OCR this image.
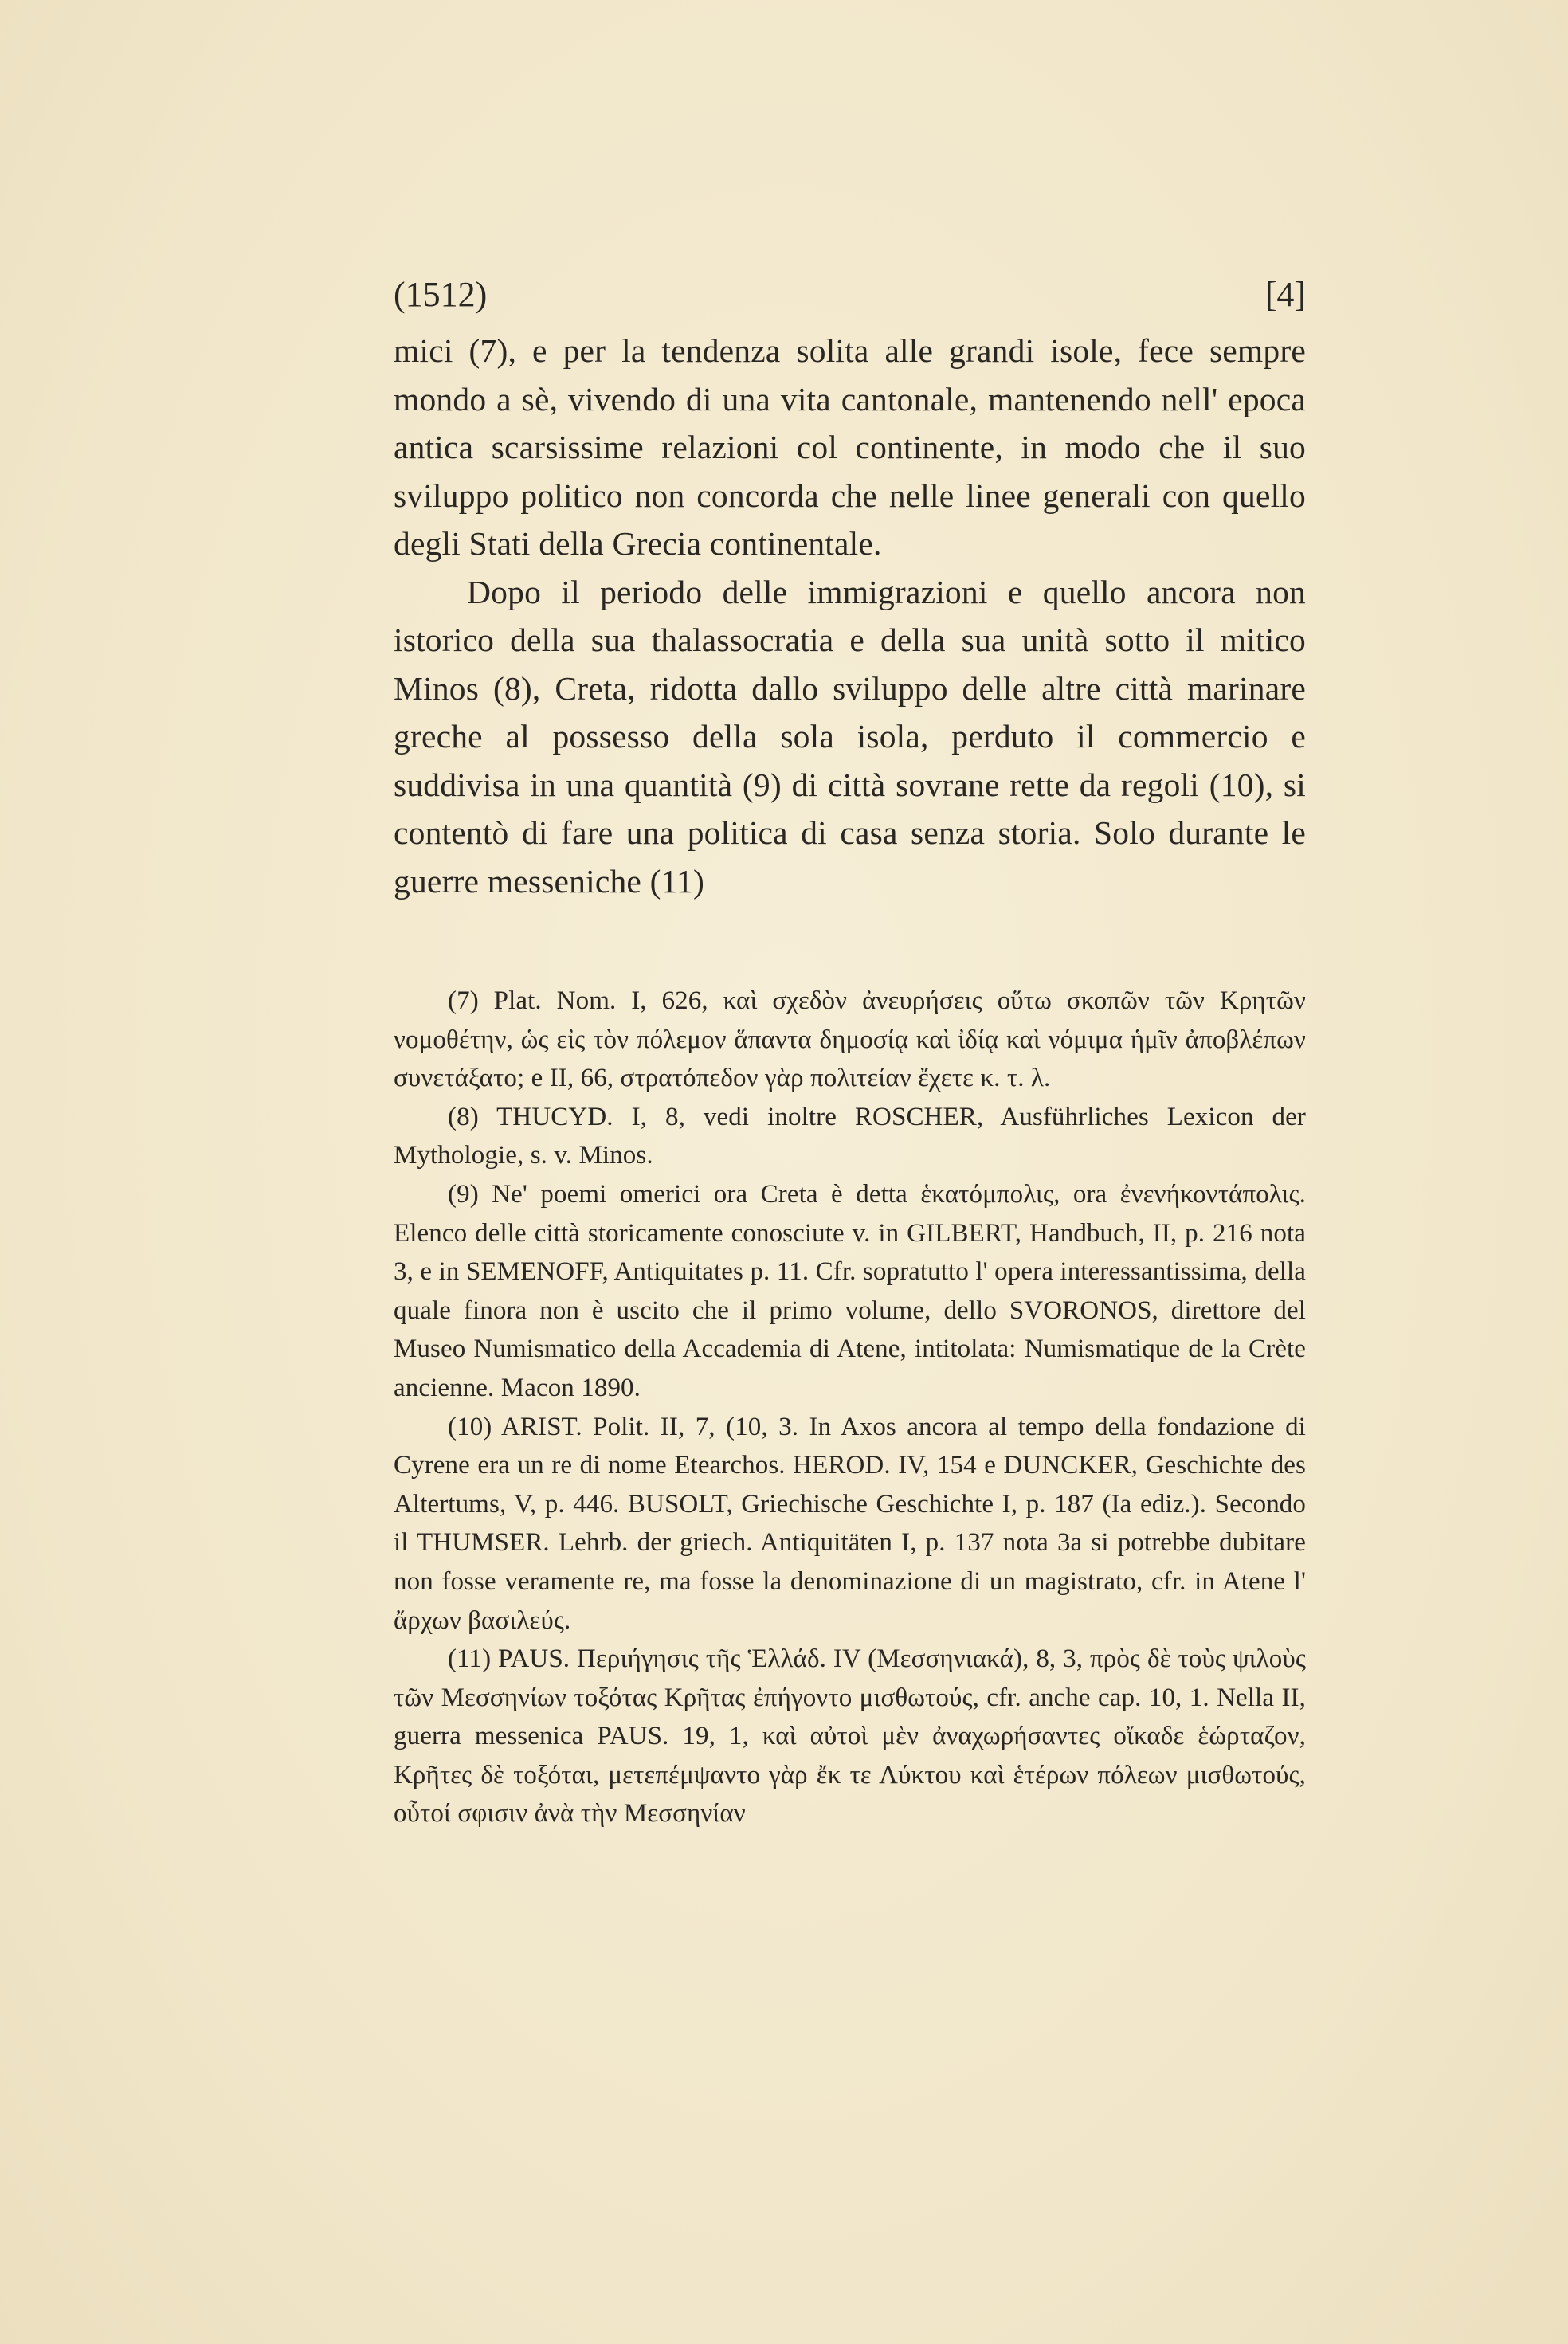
(1512)	[4]

mici (7), e per la tendenza solita alle grandi isole, fece sempre mondo a sè, vivendo di una vita cantonale, mantenendo nell' epoca antica scarsissime relazioni col continente, in modo che il suo sviluppo politico non concorda che nelle linee generali con quello degli Stati della Grecia continentale.

Dopo il periodo delle immigrazioni e quello ancora non istorico della sua thalassocratia e della sua unità sotto il mitico Minos (8), Creta, ridotta dallo sviluppo delle altre città marinare greche al possesso della sola isola, perduto il commercio e suddivisa in una quantità (9) di città sovrane rette da regoli (10), si contentò di fare una politica di casa senza storia. Solo durante le guerre messeniche (11)

(7) Plat. Nom. I, 626, καὶ σχεδὸν ἀνευρήσεις οὕτω σκοπῶν τῶν Κρητῶν νομοθέτην, ὡς εἰς τὸν πόλεμον ἅπαντα δημοσίᾳ καὶ ἰδίᾳ καὶ νόμιμα ἡμῖν ἀποβλέπων συνετάξατο; e II, 66, στρατόπεδον γὰρ πολιτείαν ἔχετε κ. τ. λ.

(8) THUCYD. I, 8, vedi inoltre ROSCHER, Ausführliches Lexicon der Mythologie, s. v. Minos.

(9) Ne' poemi omerici ora Creta è detta ἑκατόμπολις, ora ἐνενήκοντάπολις. Elenco delle città storicamente conosciute v. in GILBERT, Handbuch, II, p. 216 nota 3, e in SEMENOFF, Antiquitates p. 11. Cfr. sopratutto l' opera interessantissima, della quale finora non è uscito che il primo volume, dello SVORONOS, direttore del Museo Numismatico della Accademia di Atene, intitolata: Numismatique de la Crète ancienne. Macon 1890.

(10) ARIST. Polit. II, 7, (10, 3. In Axos ancora al tempo della fondazione di Cyrene era un re di nome Etearchos. HEROD. IV, 154 e DUNCKER, Geschichte des Altertums, V, p. 446. BUSOLT, Griechische Geschichte I, p. 187 (Ia ediz.). Secondo il THUMSER. Lehrb. der griech. Antiquitäten I, p. 137 nota 3a si potrebbe dubitare non fosse veramente re, ma fosse la denominazione di un magistrato, cfr. in Atene l' ἄρχων βασιλεύς.

(11) PAUS. Περιήγησις τῆς Ἑλλάδ. IV (Μεσσηνιακά), 8, 3, πρὸς δὲ τοὺς ψιλοὺς τῶν Μεσσηνίων τοξότας Κρῆτας ἐπήγοντο μισθωτούς, cfr. anche cap. 10, 1. Nella II, guerra messenica PAUS. 19, 1, καὶ αὐτοὶ μὲν ἀναχωρήσαντες οἴκαδε ἑώρταζον, Κρῆτες δὲ τοξόται, μετεπέμψαντο γὰρ ἔκ τε Λύκτου καὶ ἑτέρων πόλεων μισθωτούς, οὗτοί σφισιν ἀνὰ τὴν Μεσσηνίαν
